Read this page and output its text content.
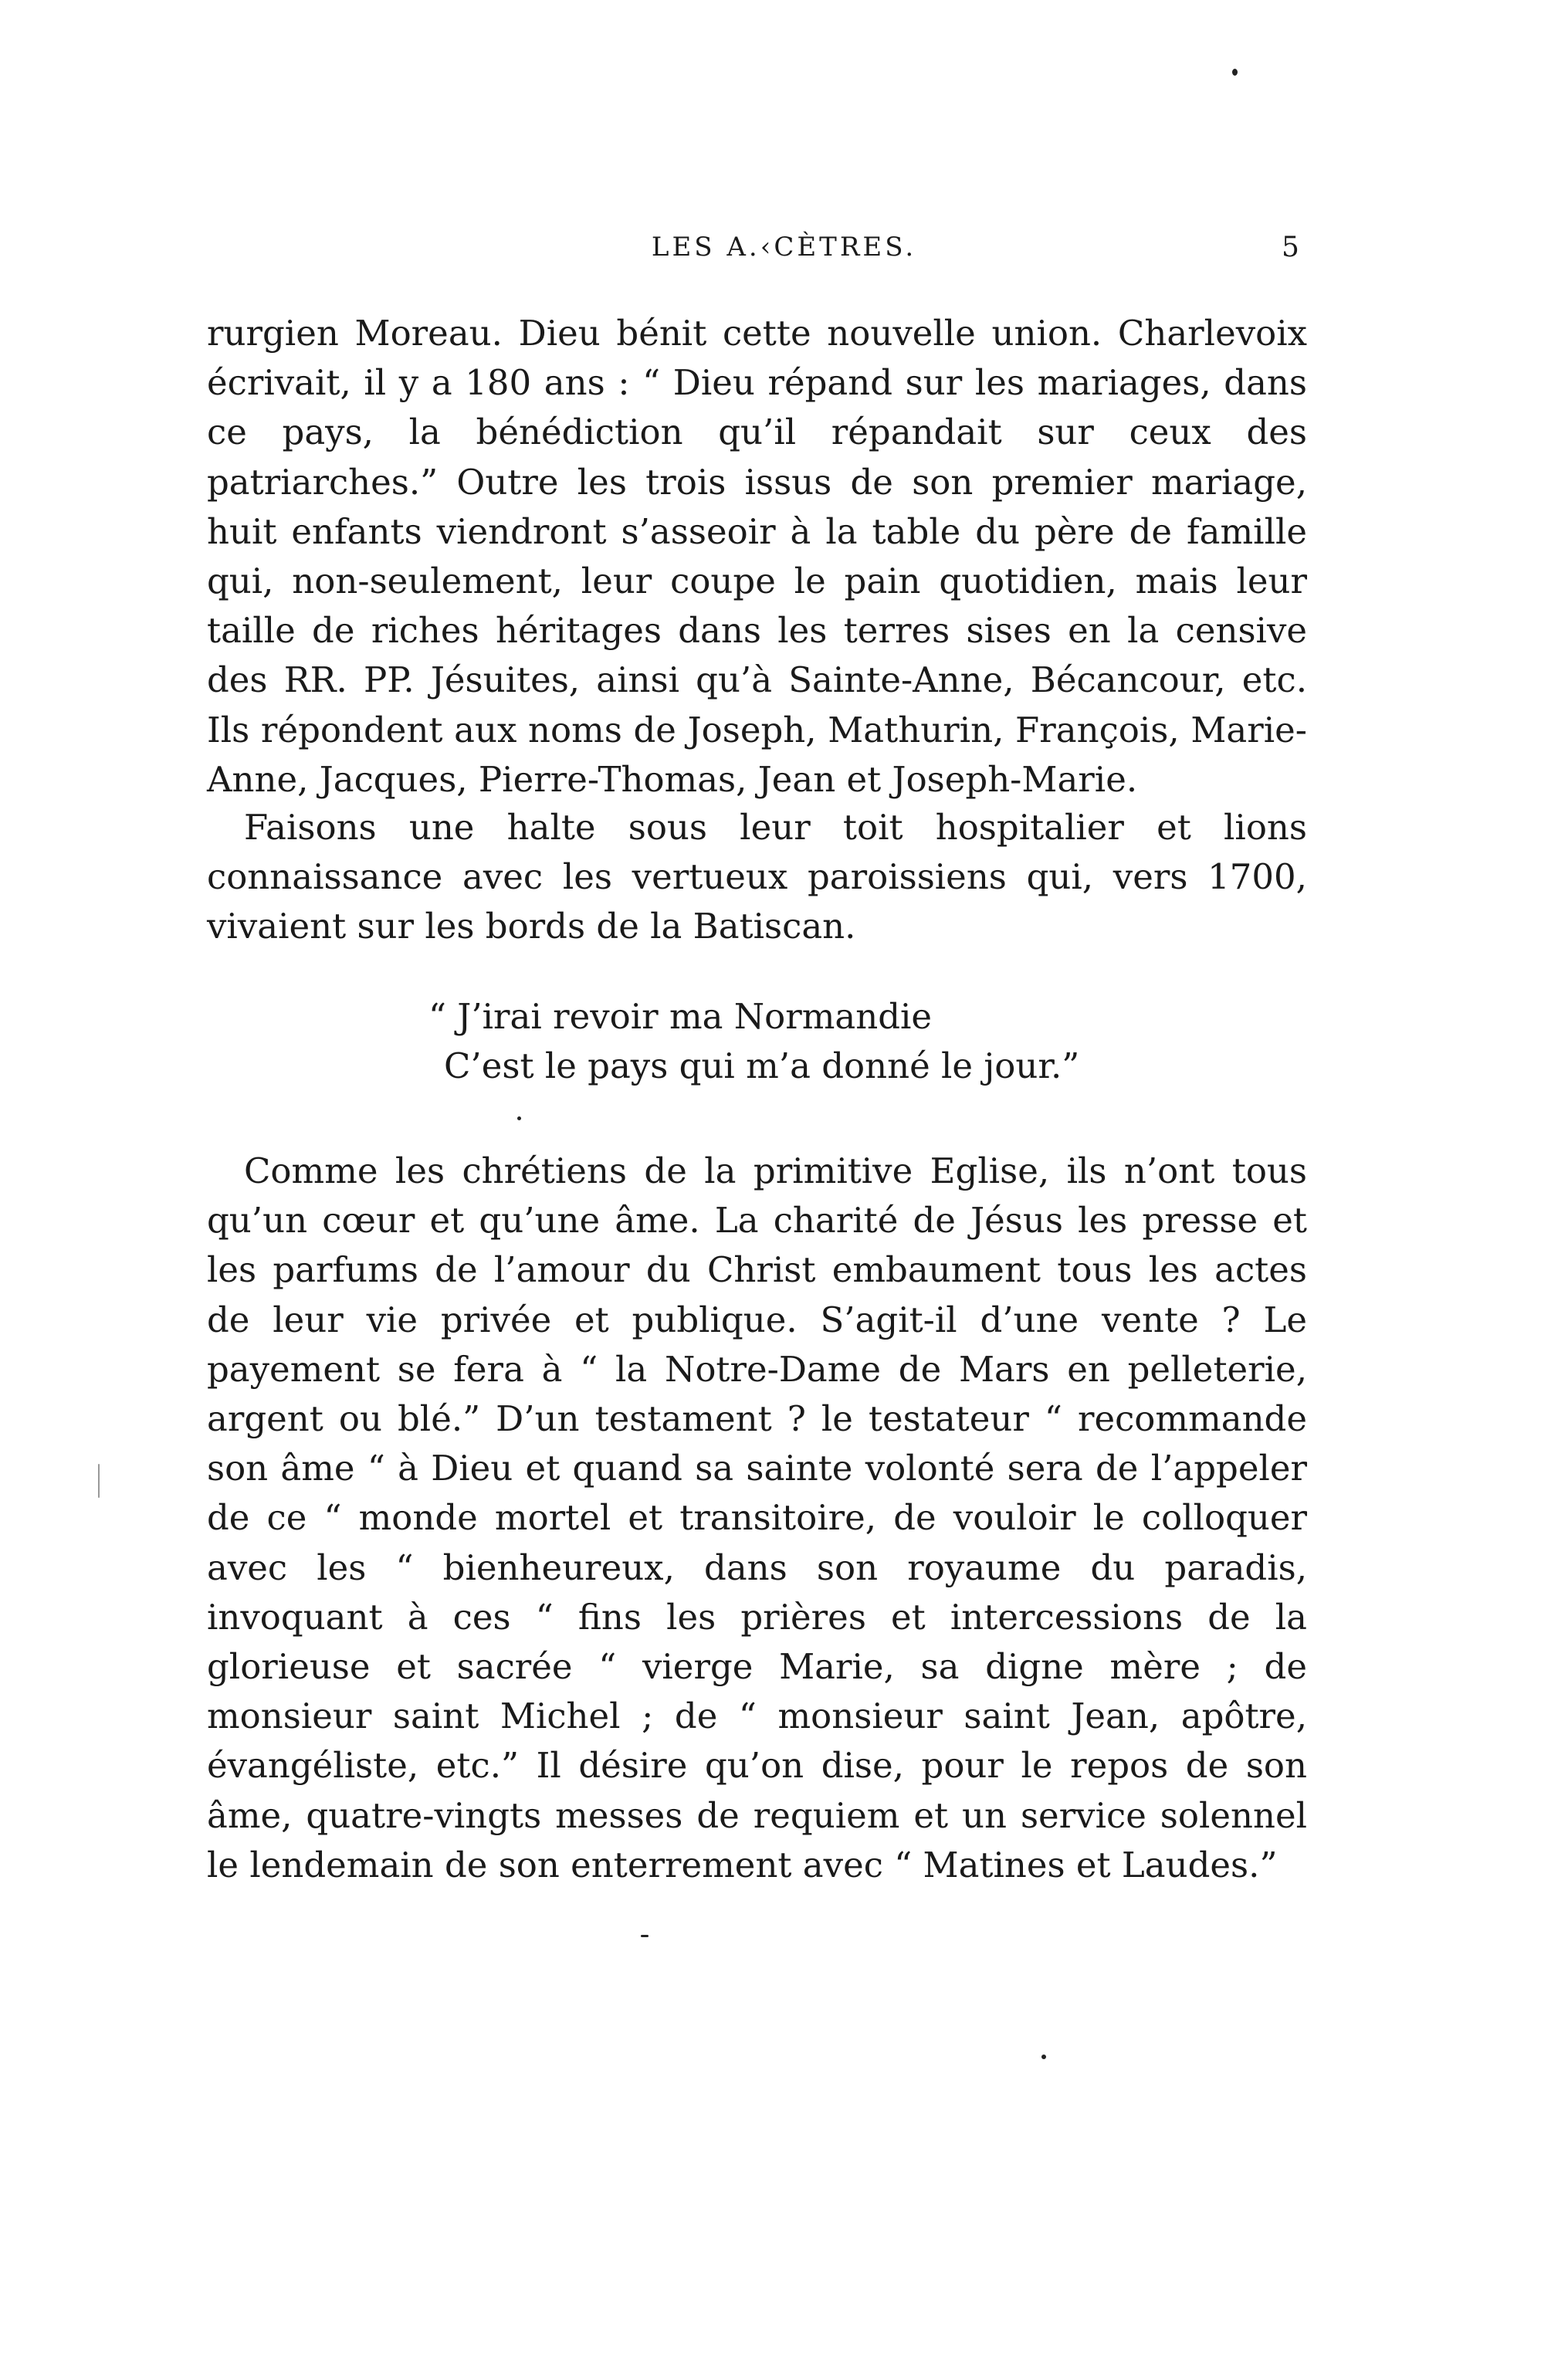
LES A.‹CÈTRES.	5

rurgien Moreau. Dieu bénit cette nouvelle union. Charlevoix écrivait, il y a 180 ans : “ Dieu répand sur les mariages, dans ce pays, la bénédiction qu’il répandait sur ceux des patriarches.” Outre les trois issus de son premier mariage, huit enfants viendront s’asseoir à la table du père de famille qui, non-seulement, leur coupe le pain quotidien, mais leur taille de riches héritages dans les terres sises en la censive des RR. PP. Jésuites, ainsi qu’à Sainte-Anne, Bécancour, etc. Ils répondent aux noms de Joseph, Mathurin, François, Marie-Anne, Jacques, Pierre-Thomas, Jean et Joseph-Marie.

Faisons une halte sous leur toit hospitalier et lions connaissance avec les vertueux paroissiens qui, vers 1700, vivaient sur les bords de la Batiscan.

“ J’irai revoir ma Normandie
C’est le pays qui m’a donné le jour.”

Comme les chrétiens de la primitive Eglise, ils n’ont tous qu’un cœur et qu’une âme. La charité de Jésus les presse et les parfums de l’amour du Christ embaument tous les actes de leur vie privée et publique. S’agit-il d’une vente ? Le payement se fera à “ la Notre-Dame de Mars en pelleterie, argent ou blé.” D’un testament ? le testateur “ recommande son âme “ à Dieu et quand sa sainte volonté sera de l’appeler de ce “ monde mortel et transitoire, de vouloir le colloquer avec les “ bienheureux, dans son royaume du paradis, invoquant à ces “ fins les prières et intercessions de la glorieuse et sacrée “ vierge Marie, sa digne mère ; de monsieur saint Michel ; de “ monsieur saint Jean, apôtre, évangéliste, etc.” Il désire qu’on dise, pour le repos de son âme, quatre-vingts messes de requiem et un service solennel le lendemain de son enterrement avec “ Matines et Laudes.”
